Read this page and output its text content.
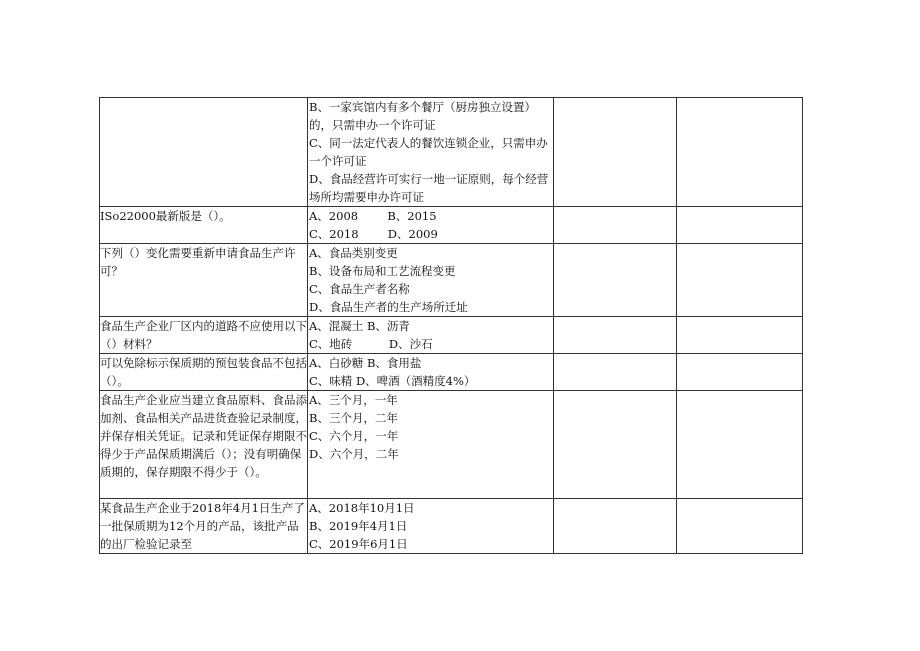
	B、一家宾馆内有多个餐厅（厨房独立设置）的，只需申办一个许可证
C、同一法定代表人的餐饮连锁企业，只需申办一个许可证
D、食品经营许可实行一地一证原则，每个经营场所均需要申办许可证		

ISo22000最新版是（）。	A、2008        B、2015
C、2018        D、2009		

下列（）变化需要重新申请食品生产许可？	A、食品类别变更
B、设备布局和工艺流程变更
C、食品生产者名称
D、食品生产者的生产场所迁址		

食品生产企业厂区内的道路不应使用以下（）材料？	A、混凝土 B、沥青
C、地砖          D、沙石		

可以免除标示保质期的预包装食品不包括（）。	A、白砂糖 B、食用盐
C、味精 D、啤酒（酒精度4%）		

食品生产企业应当建立食品原料、食品添加剂、食品相关产品进货查验记录制度，并保存相关凭证。记录和凭证保存期限不得少于产品保质期满后（）；没有明确保质期的，保存期限不得少于（）。	A、三个月，一年 B、三个月，二年 C、六个月，一年 D、六个月，二年		

某食品生产企业于2018年4月1日生产了一批保质期为12个月的产品，该批产品的出厂检验记录至	A、2018年10月1日
B、2019年4月1日
C、2019年6月1日		
